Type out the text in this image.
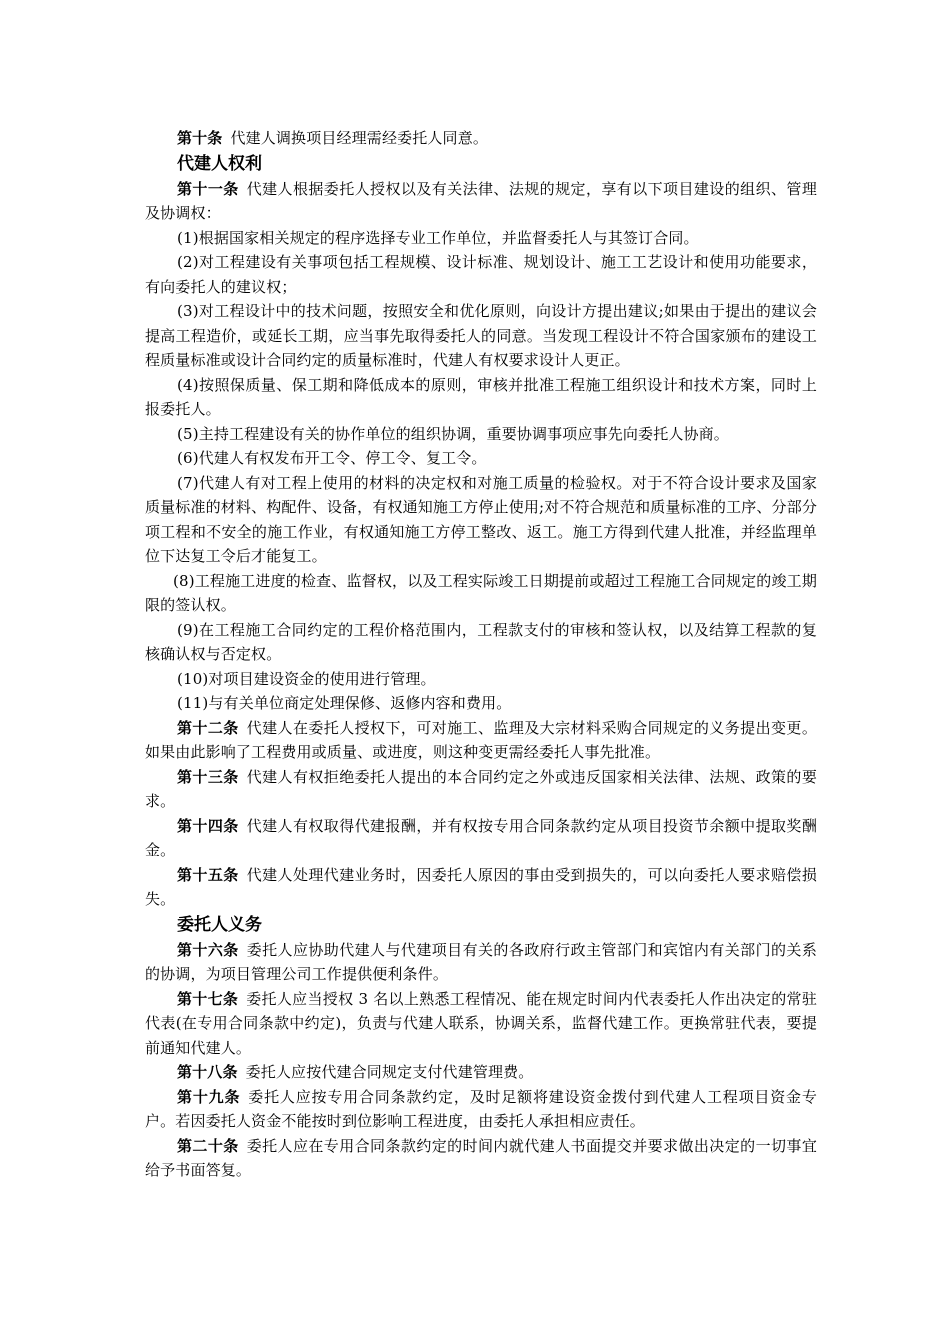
第十条 代建人调换项目经理需经委托人同意。

代建人权利

第十一条 代建人根据委托人授权以及有关法律、法规的规定，享有以下项目建设的组织、管理及协调权：

(1)根据国家相关规定的程序选择专业工作单位，并监督委托人与其签订合同。

(2)对工程建设有关事项包括工程规模、设计标准、规划设计、施工工艺设计和使用功能要求，有向委托人的建议权；

(3)对工程设计中的技术问题，按照安全和优化原则，向设计方提出建议;如果由于提出的建议会提高工程造价，或延长工期，应当事先取得委托人的同意。当发现工程设计不符合国家颁布的建设工程质量标准或设计合同约定的质量标准时，代建人有权要求设计人更正。

(4)按照保质量、保工期和降低成本的原则，审核并批准工程施工组织设计和技术方案，同时上报委托人。

(5)主持工程建设有关的协作单位的组织协调，重要协调事项应事先向委托人协商。

(6)代建人有权发布开工令、停工令、复工令。

(7)代建人有对工程上使用的材料的决定权和对施工质量的检验权。对于不符合设计要求及国家质量标准的材料、构配件、设备，有权通知施工方停止使用;对不符合规范和质量标准的工序、分部分项工程和不安全的施工作业，有权通知施工方停工整改、返工。施工方得到代建人批准，并经监理单位下达复工令后才能复工。

(8)工程施工进度的检查、监督权，以及工程实际竣工日期提前或超过工程施工合同规定的竣工期限的签认权。

(9)在工程施工合同约定的工程价格范围内，工程款支付的审核和签认权，以及结算工程款的复核确认权与否定权。

(10)对项目建设资金的使用进行管理。

(11)与有关单位商定处理保修、返修内容和费用。

第十二条 代建人在委托人授权下，可对施工、监理及大宗材料采购合同规定的义务提出变更。如果由此影响了工程费用或质量、或进度，则这种变更需经委托人事先批准。

第十三条 代建人有权拒绝委托人提出的本合同约定之外或违反国家相关法律、法规、政策的要求。

第十四条 代建人有权取得代建报酬，并有权按专用合同条款约定从项目投资节余额中提取奖酬金。

第十五条 代建人处理代建业务时，因委托人原因的事由受到损失的，可以向委托人要求赔偿损失。

委托人义务

第十六条 委托人应协助代建人与代建项目有关的各政府行政主管部门和宾馆内有关部门的关系的协调，为项目管理公司工作提供便利条件。

第十七条 委托人应当授权 3 名以上熟悉工程情况、能在规定时间内代表委托人作出决定的常驻代表(在专用合同条款中约定)，负责与代建人联系，协调关系，监督代建工作。更换常驻代表，要提前通知代建人。

第十八条 委托人应按代建合同规定支付代建管理费。

第十九条 委托人应按专用合同条款约定，及时足额将建设资金拨付到代建人工程项目资金专户。若因委托人资金不能按时到位影响工程进度，由委托人承担相应责任。

第二十条 委托人应在专用合同条款约定的时间内就代建人书面提交并要求做出决定的一切事宜给予书面答复。
